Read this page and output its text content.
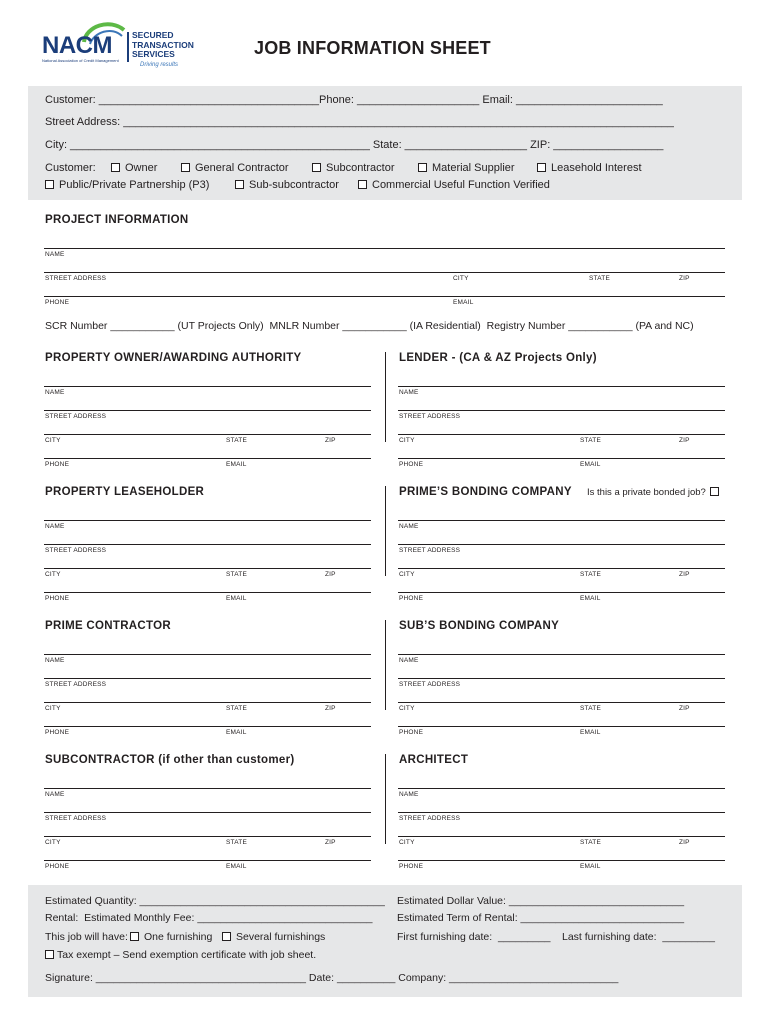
NACM SECURED
TRANSACTION
SERVICES
Driving results
National Association of Credit Management
JOB INFORMATION SHEET
Customer: ____________________________________Phone: ____________________ Email: ________________________
Street Address: __________________________________________________________________________________________
City: _________________________________________________ State: ____________________ ZIP: __________________
Customer:	Owner	General Contractor	Subcontractor	Material Supplier	Leasehold Interest
Public/Private Partnership (P3)	Sub-subcontractor	Commercial Useful Function Verified
PROJECT INFORMATION
NAME
STREET ADDRESS	CITY	STATE	ZIP
PHONE	EMAIL
SCR Number ___________ (UT Projects Only)  MNLR Number ___________ (IA Residential)  Registry Number ___________ (PA and NC)
PROPERTY OWNER/AWARDING AUTHORITY	LENDER - (CA & AZ Projects Only)
NAME
STREET ADDRESS
CITY	STATE	ZIP
PHONE	EMAIL
NAME
STREET ADDRESS
CITY	STATE	ZIP
PHONE	EMAIL
PROPERTY LEASEHOLDER	PRIME’S BONDING COMPANY Is this a private bonded job?
NAME
STREET ADDRESS
CITY	STATE	ZIP
PHONE	EMAIL
NAME
STREET ADDRESS
CITY	STATE	ZIP
PHONE	EMAIL
PRIME CONTRACTOR	SUB’S BONDING COMPANY
NAME
STREET ADDRESS
CITY	STATE	ZIP
PHONE	EMAIL
NAME
STREET ADDRESS
CITY	STATE	ZIP
PHONE	EMAIL
SUBCONTRACTOR (if other than customer)	ARCHITECT
NAME
STREET ADDRESS
CITY	STATE	ZIP
PHONE	EMAIL
NAME
STREET ADDRESS
CITY	STATE	ZIP
PHONE	EMAIL
Estimated Quantity: __________________________________________ Estimated Dollar Value: ______________________________
Rental:  Estimated Monthly Fee: ______________________________ Estimated Term of Rental: ____________________________
This job will have:	One furnishing	Several furnishings	First furnishing date:  _________ Last furnishing date:  _________
Tax exempt – Send exemption certificate with job sheet.
Signature: ____________________________________ Date: __________ Company: _____________________________
